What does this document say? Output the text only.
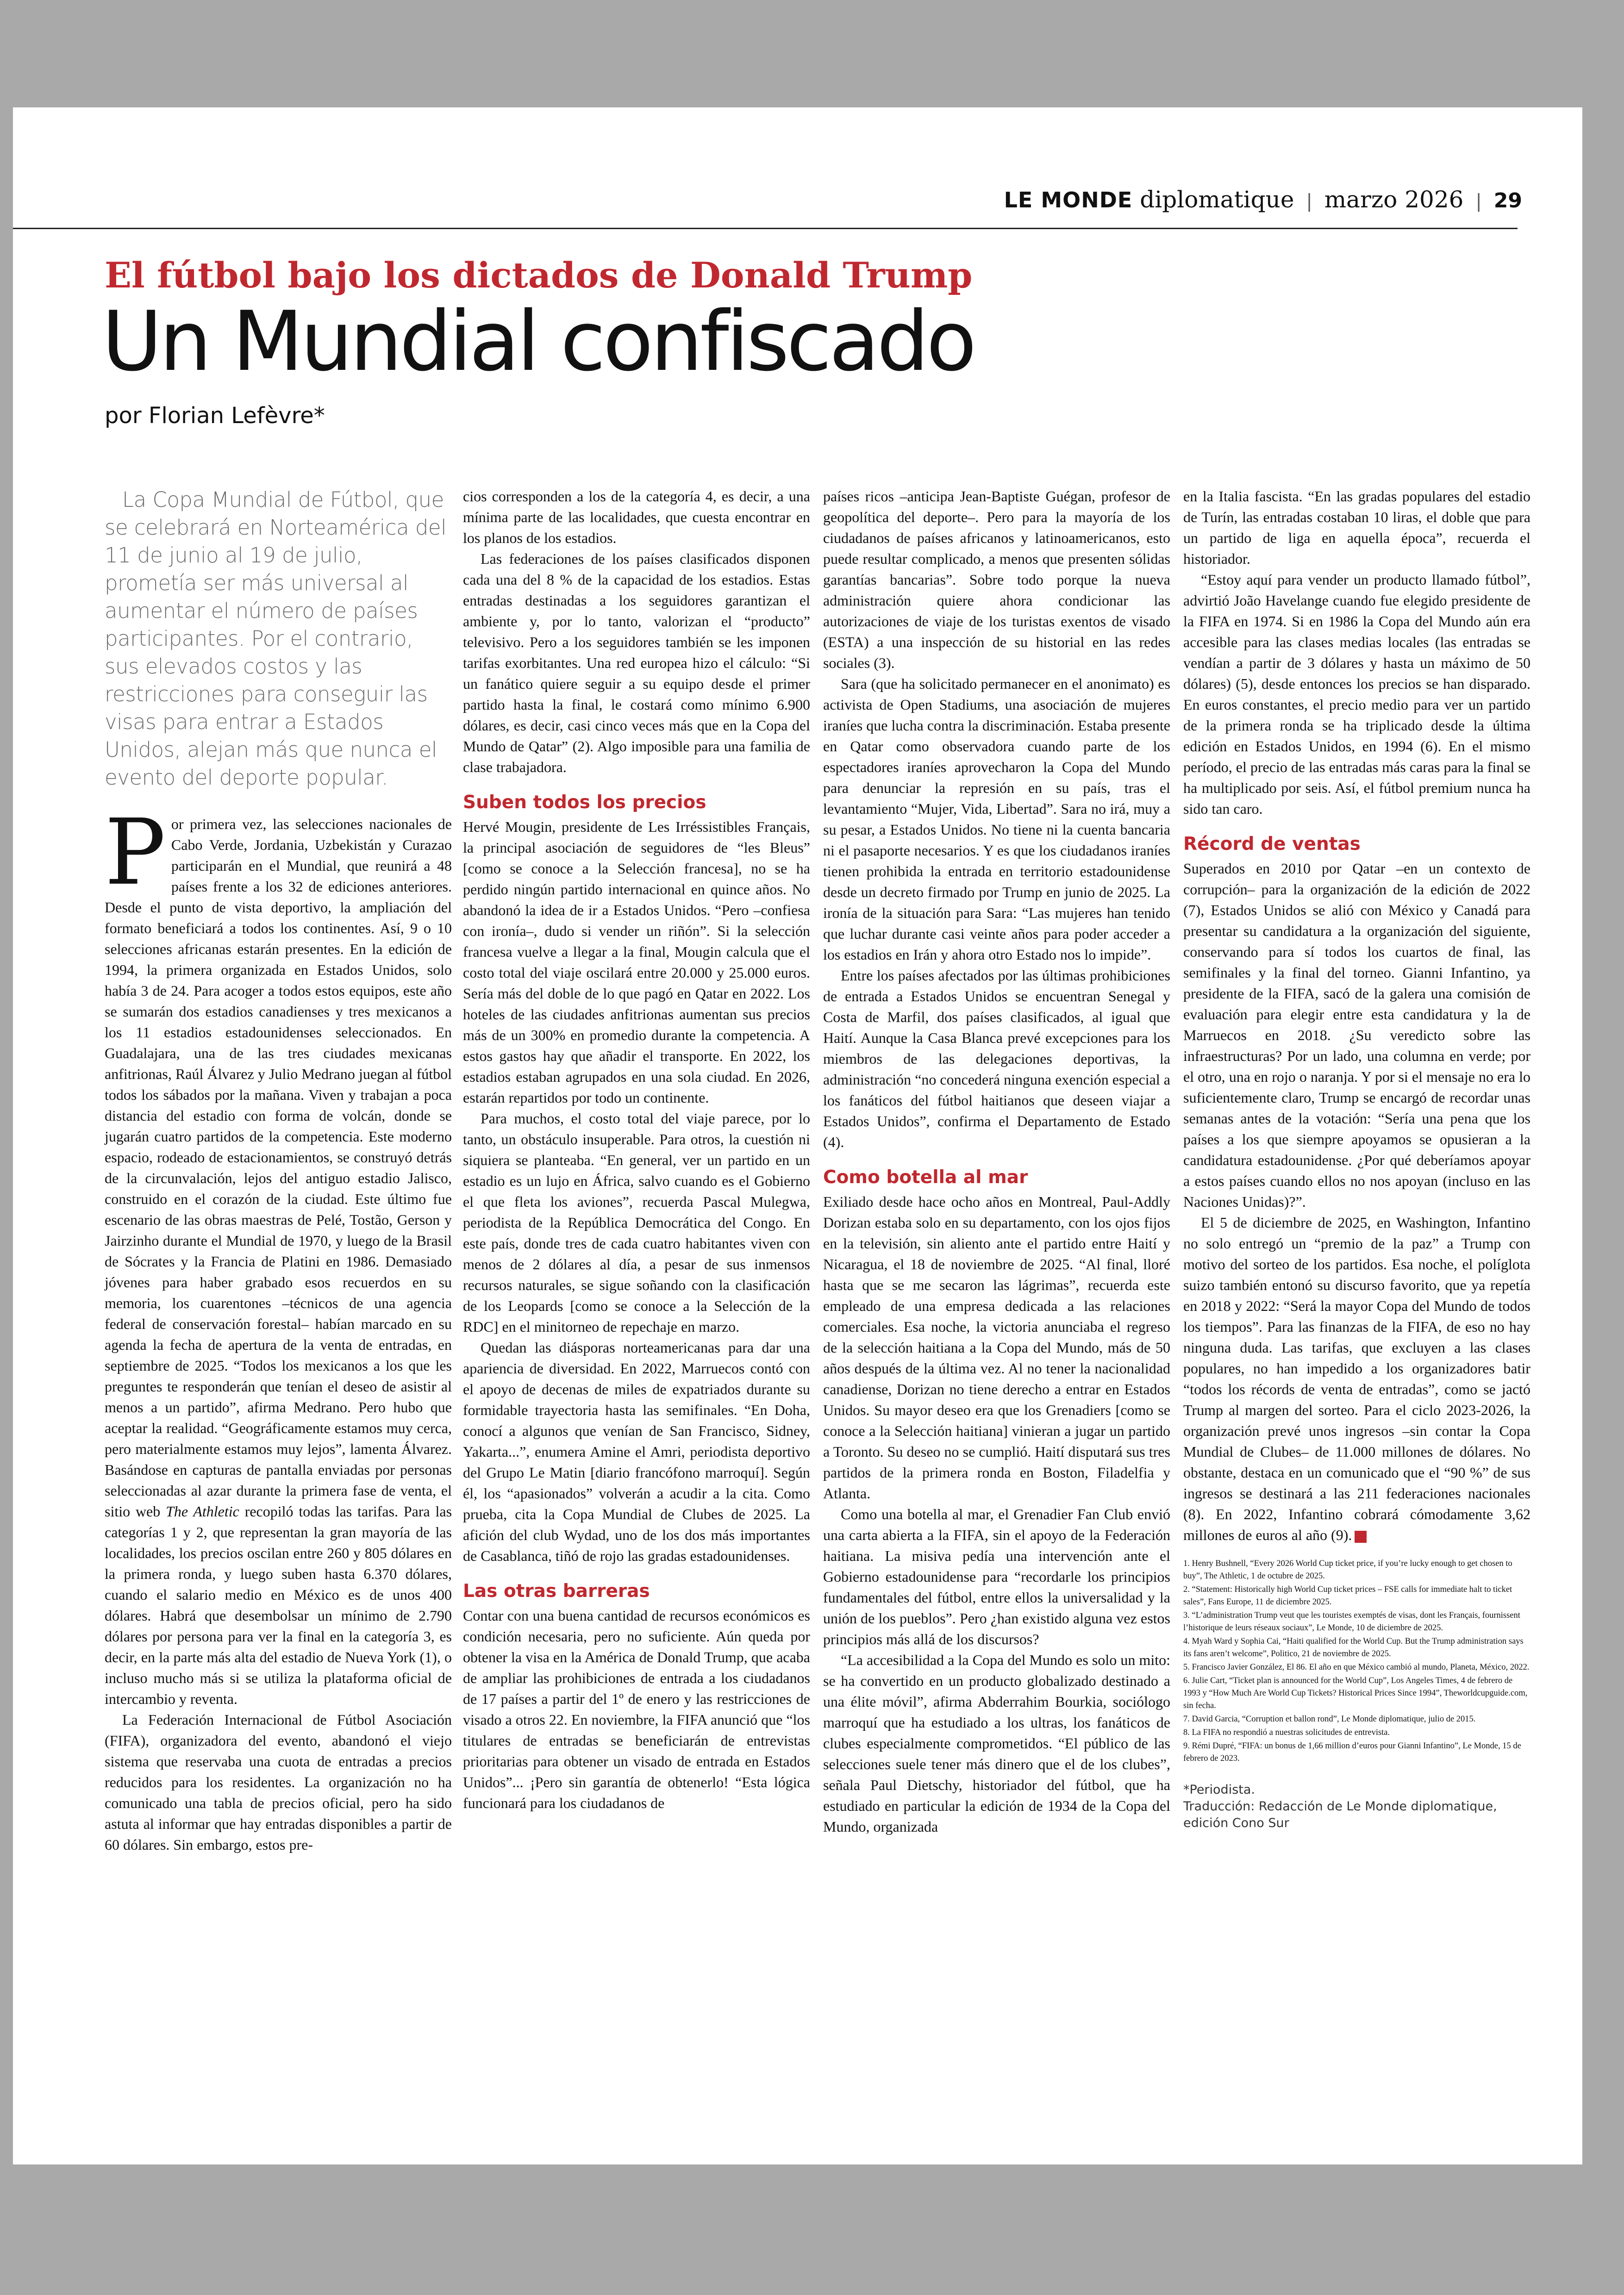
LE MONDE diplomatique | marzo 2026 | 29
El fútbol bajo los dictados de Donald Trump
Un Mundial confiscado
por Florian Lefèvre*

La Copa Mundial de Fútbol, que se celebrará en Norteamérica del 11 de junio al 19 de julio, prometía ser más universal al aumentar el número de países participantes. Por el contrario, sus elevados costos y las restricciones para conseguir las visas para entrar a Estados Unidos, alejan más que nunca el evento del deporte popular.

Por primera vez, las selecciones nacionales de Cabo Verde, Jordania, Uzbekistán y Curazao participarán en el Mundial, que reunirá a 48 países frente a los 32 de ediciones anteriores. Desde el punto de vista deportivo, la ampliación del formato beneficiará a todos los continentes. Así, 9 o 10 selecciones africanas estarán presentes. En la edición de 1994, la primera organizada en Estados Unidos, solo había 3 de 24. Para acoger a todos estos equipos, este año se sumarán dos estadios canadienses y tres mexicanos a los 11 estadios estadounidenses seleccionados. En Guadalajara, una de las tres ciudades mexicanas anfitrionas, Raúl Álvarez y Julio Medrano juegan al fútbol todos los sábados por la mañana. Viven y trabajan a poca distancia del estadio con forma de volcán, donde se jugarán cuatro partidos de la competencia. Este moderno espacio, rodeado de estacionamientos, se construyó detrás de la circunvalación, lejos del antiguo estadio Jalisco, construido en el corazón de la ciudad. Este último fue escenario de las obras maestras de Pelé, Tostão, Gerson y Jairzinho durante el Mundial de 1970, y luego de la Brasil de Sócrates y la Francia de Platini en 1986. Demasiado jóvenes para haber grabado esos recuerdos en su memoria, los cuarentones –técnicos de una agencia federal de conservación forestal– habían marcado en su agenda la fecha de apertura de la venta de entradas, en septiembre de 2025. “Todos los mexicanos a los que les preguntes te responderán que tenían el deseo de asistir al menos a un partido”, afirma Medrano. Pero hubo que aceptar la realidad. “Geográficamente estamos muy cerca, pero materialmente estamos muy lejos”, lamenta Álvarez. Basándose en capturas de pantalla enviadas por personas seleccionadas al azar durante la primera fase de venta, el sitio web The Athletic recopiló todas las tarifas. Para las categorías 1 y 2, que representan la gran mayoría de las localidades, los precios oscilan entre 260 y 805 dólares en la primera ronda, y luego suben hasta 6.370 dólares, cuando el salario medio en México es de unos 400 dólares. Habrá que desembolsar un mínimo de 2.790 dólares por persona para ver la final en la categoría 3, es decir, en la parte más alta del estadio de Nueva York (1), o incluso mucho más si se utiliza la plataforma oficial de intercambio y reventa.

La Federación Internacional de Fútbol Asociación (FIFA), organizadora del evento, abandonó el viejo sistema que reservaba una cuota de entradas a precios reducidos para los residentes. La organización no ha comunicado una tabla de precios oficial, pero ha sido astuta al informar que hay entradas disponibles a partir de 60 dólares. Sin embargo, estos pre-

cios corresponden a los de la categoría 4, es decir, a una mínima parte de las localidades, que cuesta encontrar en los planos de los estadios.

Las federaciones de los países clasificados disponen cada una del 8 % de la capacidad de los estadios. Estas entradas destinadas a los seguidores garantizan el ambiente y, por lo tanto, valorizan el “producto” televisivo. Pero a los seguidores también se les imponen tarifas exorbitantes. Una red europea hizo el cálculo: “Si un fanático quiere seguir a su equipo desde el primer partido hasta la final, le costará como mínimo 6.900 dólares, es decir, casi cinco veces más que en la Copa del Mundo de Qatar” (2). Algo imposible para una familia de clase trabajadora.

Suben todos los precios

Hervé Mougin, presidente de Les Irréssistibles Français, la principal asociación de seguidores de “les Bleus” [como se conoce a la Selección francesa], no se ha perdido ningún partido internacional en quince años. No abandonó la idea de ir a Estados Unidos. “Pero –confiesa con ironía–, dudo si vender un riñón”. Si la selección francesa vuelve a llegar a la final, Mougin calcula que el costo total del viaje oscilará entre 20.000 y 25.000 euros. Sería más del doble de lo que pagó en Qatar en 2022. Los hoteles de las ciudades anfitrionas aumentan sus precios más de un 300% en promedio durante la competencia. A estos gastos hay que añadir el transporte. En 2022, los estadios estaban agrupados en una sola ciudad. En 2026, estarán repartidos por todo un continente.

Para muchos, el costo total del viaje parece, por lo tanto, un obstáculo insuperable. Para otros, la cuestión ni siquiera se planteaba. “En general, ver un partido en un estadio es un lujo en África, salvo cuando es el Gobierno el que fleta los aviones”, recuerda Pascal Mulegwa, periodista de la República Democrática del Congo. En este país, donde tres de cada cuatro habitantes viven con menos de 2 dólares al día, a pesar de sus inmensos recursos naturales, se sigue soñando con la clasificación de los Leopards [como se conoce a la Selección de la RDC] en el minitorneo de repechaje en marzo.

Quedan las diásporas norteamericanas para dar una apariencia de diversidad. En 2022, Marruecos contó con el apoyo de decenas de miles de expatriados durante su formidable trayectoria hasta las semifinales. “En Doha, conocí a algunos que venían de San Francisco, Sidney, Yakarta...”, enumera Amine el Amri, periodista deportivo del Grupo Le Matin [diario francófono marroquí]. Según él, los “apasionados” volverán a acudir a la cita. Como prueba, cita la Copa Mundial de Clubes de 2025. La afición del club Wydad, uno de los dos más importantes de Casablanca, tiñó de rojo las gradas estadounidenses.

Las otras barreras

Contar con una buena cantidad de recursos económicos es condición necesaria, pero no suficiente. Aún queda por obtener la visa en la América de Donald Trump, que acaba de ampliar las prohibiciones de entrada a los ciudadanos de 17 países a partir del 1º de enero y las restricciones de visado a otros 22. En noviembre, la FIFA anunció que “los titulares de entradas se beneficiarán de entrevistas prioritarias para obtener un visado de entrada en Estados Unidos”... ¡Pero sin garantía de obtenerlo! “Esta lógica funcionará para los ciudadanos de

países ricos –anticipa Jean-Baptiste Guégan, profesor de geopolítica del deporte–. Pero para la mayoría de los ciudadanos de países africanos y latinoamericanos, esto puede resultar complicado, a menos que presenten sólidas garantías bancarias”. Sobre todo porque la nueva administración quiere ahora condicionar las autorizaciones de viaje de los turistas exentos de visado (ESTA) a una inspección de su historial en las redes sociales (3).

Sara (que ha solicitado permanecer en el anonimato) es activista de Open Stadiums, una asociación de mujeres iraníes que lucha contra la discriminación. Estaba presente en Qatar como observadora cuando parte de los espectadores iraníes aprovecharon la Copa del Mundo para denunciar la represión en su país, tras el levantamiento “Mujer, Vida, Libertad”. Sara no irá, muy a su pesar, a Estados Unidos. No tiene ni la cuenta bancaria ni el pasaporte necesarios. Y es que los ciudadanos iraníes tienen prohibida la entrada en territorio estadounidense desde un decreto firmado por Trump en junio de 2025. La ironía de la situación para Sara: “Las mujeres han tenido que luchar durante casi veinte años para poder acceder a los estadios en Irán y ahora otro Estado nos lo impide”.

Entre los países afectados por las últimas prohibiciones de entrada a Estados Unidos se encuentran Senegal y Costa de Marfil, dos países clasificados, al igual que Haití. Aunque la Casa Blanca prevé excepciones para los miembros de las delegaciones deportivas, la administración “no concederá ninguna exención especial a los fanáticos del fútbol haitianos que deseen viajar a Estados Unidos”, confirma el Departamento de Estado (4).

Como botella al mar

Exiliado desde hace ocho años en Montreal, Paul-Addly Dorizan estaba solo en su departamento, con los ojos fijos en la televisión, sin aliento ante el partido entre Haití y Nicaragua, el 18 de noviembre de 2025. “Al final, lloré hasta que se me secaron las lágrimas”, recuerda este empleado de una empresa dedicada a las relaciones comerciales. Esa noche, la victoria anunciaba el regreso de la selección haitiana a la Copa del Mundo, más de 50 años después de la última vez. Al no tener la nacionalidad canadiense, Dorizan no tiene derecho a entrar en Estados Unidos. Su mayor deseo era que los Grenadiers [como se conoce a la Selección haitiana] vinieran a jugar un partido a Toronto. Su deseo no se cumplió. Haití disputará sus tres partidos de la primera ronda en Boston, Filadelfia y Atlanta.

Como una botella al mar, el Grenadier Fan Club envió una carta abierta a la FIFA, sin el apoyo de la Federación haitiana. La misiva pedía una intervención ante el Gobierno estadounidense para “recordarle los principios fundamentales del fútbol, entre ellos la universalidad y la unión de los pueblos”. Pero ¿han existido alguna vez estos principios más allá de los discursos?

“La accesibilidad a la Copa del Mundo es solo un mito: se ha convertido en un producto globalizado destinado a una élite móvil”, afirma Abderrahim Bourkia, sociólogo marroquí que ha estudiado a los ultras, los fanáticos de clubes especialmente comprometidos. “El público de las selecciones suele tener más dinero que el de los clubes”, señala Paul Dietschy, historiador del fútbol, que ha estudiado en particular la edición de 1934 de la Copa del Mundo, organizada

en la Italia fascista. “En las gradas populares del estadio de Turín, las entradas costaban 10 liras, el doble que para un partido de liga en aquella época”, recuerda el historiador.

“Estoy aquí para vender un producto llamado fútbol”, advirtió João Havelange cuando fue elegido presidente de la FIFA en 1974. Si en 1986 la Copa del Mundo aún era accesible para las clases medias locales (las entradas se vendían a partir de 3 dólares y hasta un máximo de 50 dólares) (5), desde entonces los precios se han disparado. En euros constantes, el precio medio para ver un partido de la primera ronda se ha triplicado desde la última edición en Estados Unidos, en 1994 (6). En el mismo período, el precio de las entradas más caras para la final se ha multiplicado por seis. Así, el fútbol premium nunca ha sido tan caro.

Récord de ventas

Superados en 2010 por Qatar –en un contexto de corrupción– para la organización de la edición de 2022 (7), Estados Unidos se alió con México y Canadá para presentar su candidatura a la organización del siguiente, conservando para sí todos los cuartos de final, las semifinales y la final del torneo. Gianni Infantino, ya presidente de la FIFA, sacó de la galera una comisión de evaluación para elegir entre esta candidatura y la de Marruecos en 2018. ¿Su veredicto sobre las infraestructuras? Por un lado, una columna en verde; por el otro, una en rojo o naranja. Y por si el mensaje no era lo suficientemente claro, Trump se encargó de recordar unas semanas antes de la votación: “Sería una pena que los países a los que siempre apoyamos se opusieran a la candidatura estadounidense. ¿Por qué deberíamos apoyar a estos países cuando ellos no nos apoyan (incluso en las Naciones Unidas)?”.

El 5 de diciembre de 2025, en Washington, Infantino no solo entregó un “premio de la paz” a Trump con motivo del sorteo de los partidos. Esa noche, el políglota suizo también entonó su discurso favorito, que ya repetía en 2018 y 2022: “Será la mayor Copa del Mundo de todos los tiempos”. Para las finanzas de la FIFA, de eso no hay ninguna duda. Las tarifas, que excluyen a las clases populares, no han impedido a los organizadores batir “todos los récords de venta de entradas”, como se jactó Trump al margen del sorteo. Para el ciclo 2023-2026, la organización prevé unos ingresos –sin contar la Copa Mundial de Clubes– de 11.000 millones de dólares. No obstante, destaca en un comunicado que el “90 %” de sus ingresos se destinará a las 211 federaciones nacionales (8). En 2022, Infantino cobrará cómodamente 3,62 millones de euros al año (9).

1. Henry Bushnell, “Every 2026 World Cup ticket price, if you’re lucky enough to get chosen to buy”, The Athletic, 1 de octubre de 2025.
2. “Statement: Historically high World Cup ticket prices – FSE calls for immediate halt to ticket sales”, Fans Europe, 11 de diciembre 2025.
3. “L’administration Trump veut que les touristes exemptés de visas, dont les Français, fournissent l’historique de leurs réseaux sociaux”, Le Monde, 10 de diciembre de 2025.
4. Myah Ward y Sophia Cai, “Haiti qualified for the World Cup. But the Trump administration says its fans aren’t welcome”, Politico, 21 de noviembre de 2025.
5. Francisco Javier González, El 86. El año en que México cambió al mundo, Planeta, México, 2022.
6. Julie Cart, “Ticket plan is announced for the World Cup”, Los Angeles Times, 4 de febrero de 1993 y “How Much Are World Cup Tickets? Historical Prices Since 1994”, Theworldcupguide.com, sin fecha.
7. David Garcia, “Corruption et ballon rond”, Le Monde diplomatique, julio de 2015.
8. La FIFA no respondió a nuestras solicitudes de entrevista.
9. Rémi Dupré, “FIFA: un bonus de 1,66 million d’euros pour Gianni Infantino”, Le Monde, 15 de febrero de 2023.
*Periodista.
Traducción: Redacción de Le Monde diplomatique, edición Cono Sur
